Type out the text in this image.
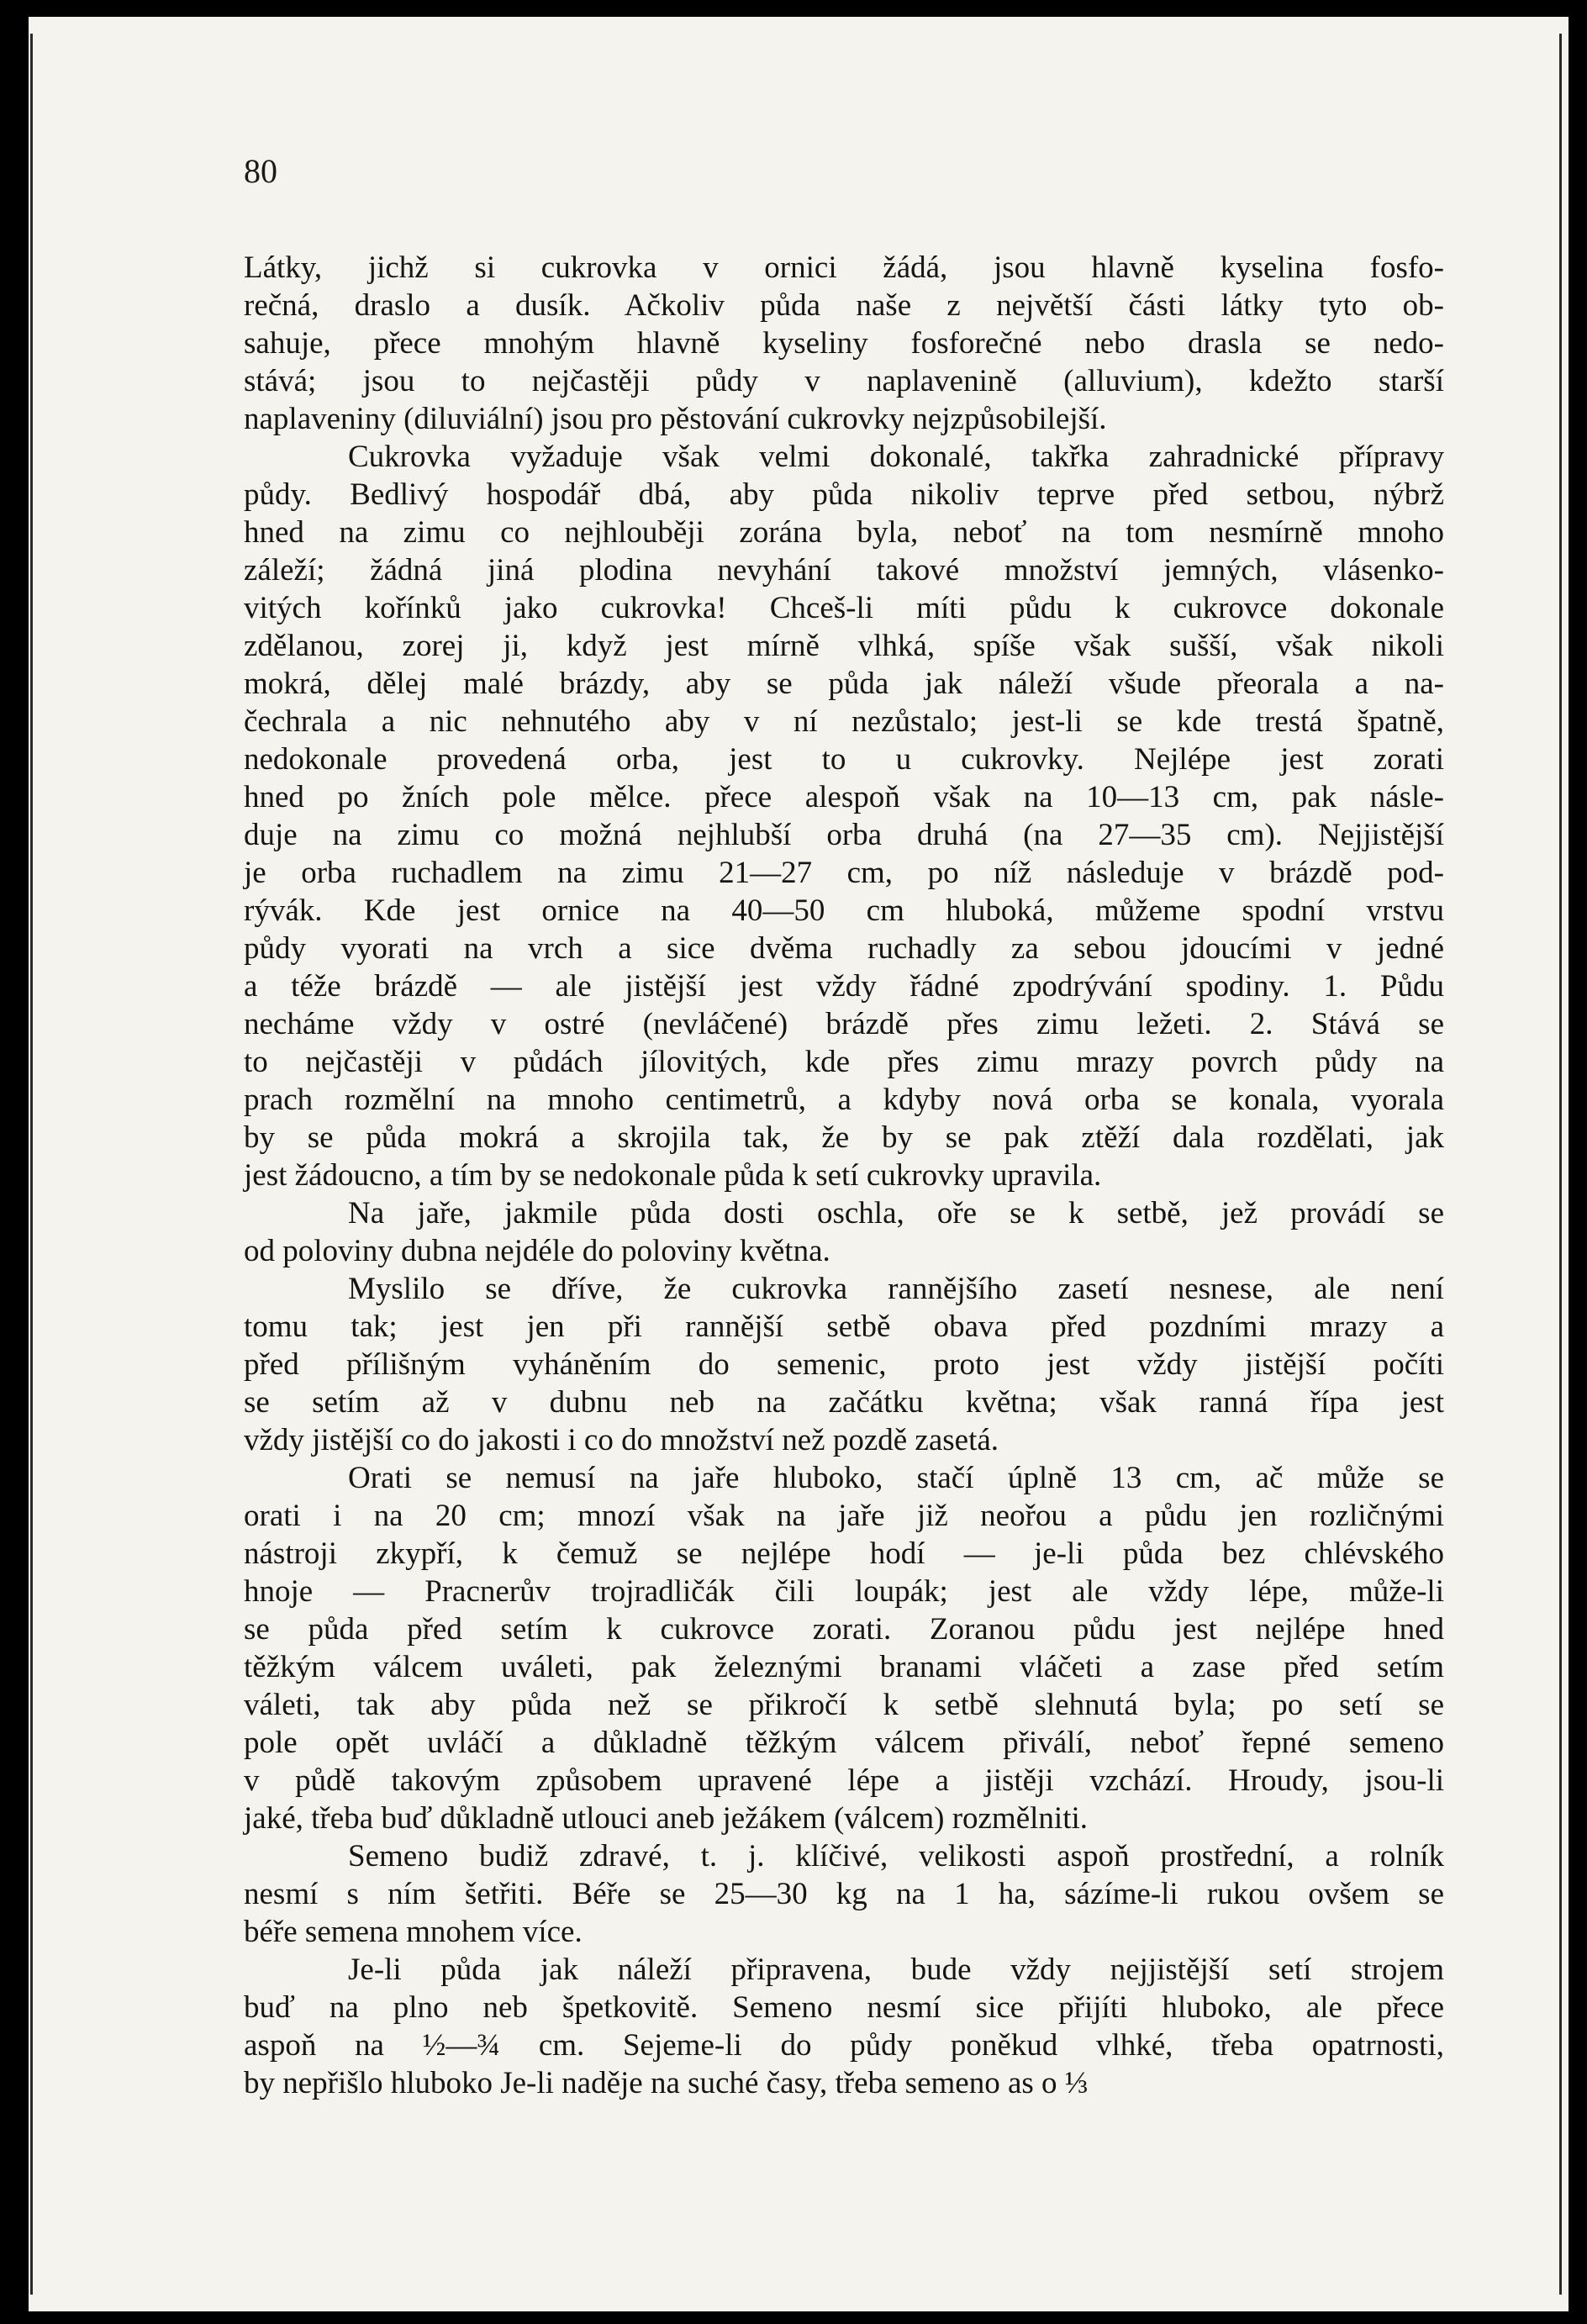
80

Látky, jichž si cukrovka v ornici žádá, jsou hlavně kyselina fosfo-
rečná, draslo a dusík. Ačkoliv půda naše z největší části látky tyto ob-
sahuje, přece mnohým hlavně kyseliny fosforečné nebo drasla se nedo-
stává; jsou to nejčastěji půdy v naplavenině (alluvium), kdežto starší
naplaveniny (diluviální) jsou pro pěstování cukrovky nejzpůsobilejší.
Cukrovka vyžaduje však velmi dokonalé, takřka zahradnické přípravy
půdy. Bedlivý hospodář dbá, aby půda nikoliv teprve před setbou, nýbrž
hned na zimu co nejhlouběji zorána byla, neboť na tom nesmírně mnoho
záleží; žádná jiná plodina nevyhání takové množství jemných, vlásenko-
vitých kořínků jako cukrovka! Chceš-li míti půdu k cukrovce dokonale
zdělanou, zorej ji, když jest mírně vlhká, spíše však sušší, však nikoli
mokrá, dělej malé brázdy, aby se půda jak náleží všude přeorala a na-
čechrala a nic nehnutého aby v ní nezůstalo; jest-li se kde trestá špatně,
nedokonale provedená orba, jest to u cukrovky. Nejlépe jest zorati
hned po žních pole mělce. přece alespoň však na 10—13 cm, pak násle-
duje na zimu co možná nejhlubší orba druhá (na 27—35 cm). Nejjistější
je orba ruchadlem na zimu 21—27 cm, po níž následuje v brázdě pod-
rývák. Kde jest ornice na 40—50 cm hluboká, můžeme spodní vrstvu
půdy vyorati na vrch a sice dvěma ruchadly za sebou jdoucími v jedné
a téže brázdě — ale jistější jest vždy řádné zpodrývání spodiny. 1. Půdu
necháme vždy v ostré (nevláčené) brázdě přes zimu ležeti. 2. Stává se
to nejčastěji v půdách jílovitých, kde přes zimu mrazy povrch půdy na
prach rozmělní na mnoho centimetrů, a kdyby nová orba se konala, vyorala
by se půda mokrá a skrojila tak, že by se pak ztěží dala rozdělati, jak
jest žádoucno, a tím by se nedokonale půda k setí cukrovky upravila.
Na jaře, jakmile půda dosti oschla, oře se k setbě, jež provádí se
od poloviny dubna nejdéle do poloviny května.
Myslilo se dříve, že cukrovka rannějšího zasetí nesnese, ale není
tomu tak; jest jen při rannější setbě obava před pozdními mrazy a
před přílišným vyháněním do semenic, proto jest vždy jistější počíti
se setím až v dubnu neb na začátku května; však ranná řípa jest
vždy jistější co do jakosti i co do množství než pozdě zasetá.
Orati se nemusí na jaře hluboko, stačí úplně 13 cm, ač může se
orati i na 20 cm; mnozí však na jaře již neořou a půdu jen rozličnými
nástroji zkypří, k čemuž se nejlépe hodí — je-li půda bez chlévského
hnoje — Pracnerův trojradličák čili loupák; jest ale vždy lépe, může-li
se půda před setím k cukrovce zorati. Zoranou půdu jest nejlépe hned
těžkým válcem uváleti, pak železnými branami vláčeti a zase před setím
váleti, tak aby půda než se přikročí k setbě slehnutá byla; po setí se
pole opět uvláčí a důkladně těžkým válcem přiválí, neboť řepné semeno
v půdě takovým způsobem upravené lépe a jistěji vzchází. Hroudy, jsou-li
jaké, třeba buď důkladně utlouci aneb ježákem (válcem) rozmělniti.
Semeno budiž zdravé, t. j. klíčivé, velikosti aspoň prostřední, a rolník
nesmí s ním šetřiti. Béře se 25—30 kg na 1 ha, sázíme-li rukou ovšem se
béře semena mnohem více.
Je-li půda jak náleží připravena, bude vždy nejjistější setí strojem
buď na plno neb špetkovitě. Semeno nesmí sice přijíti hluboko, ale přece
aspoň na ½—¾ cm. Sejeme-li do půdy poněkud vlhké, třeba opatrnosti,
by nepřišlo hluboko Je-li naděje na suché časy, třeba semeno as o ⅓
